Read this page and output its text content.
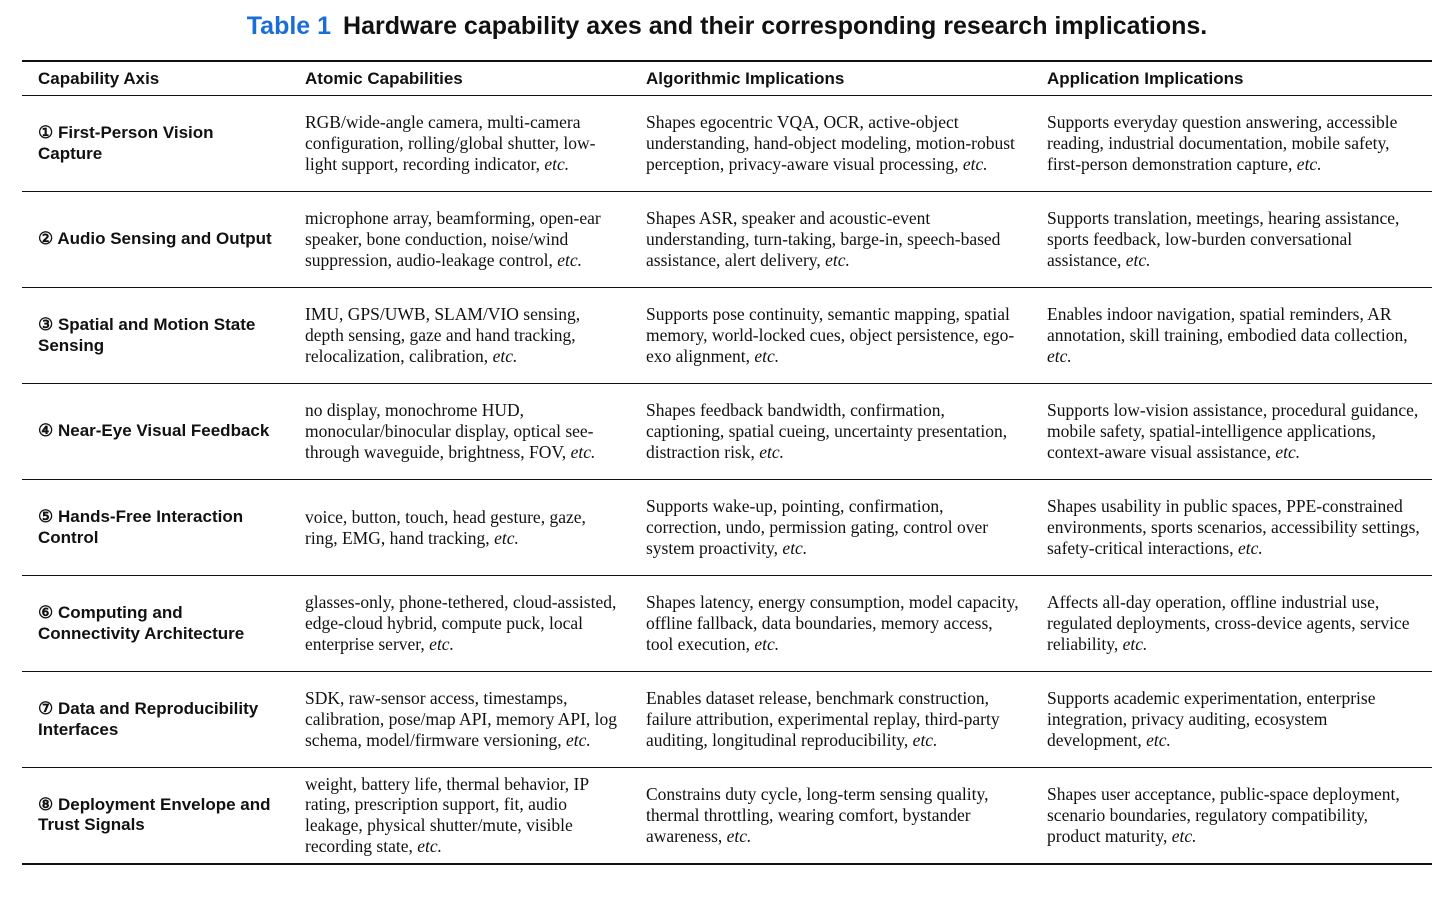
Table 1 Hardware capability axes and their corresponding research implications.
Capability Axis	Atomic Capabilities	Algorithmic Implications	Application Implications
① First-Person Vision Capture	RGB/wide-angle camera, multi-camera configuration, rolling/global shutter, low-light support, recording indicator, etc.	Shapes egocentric VQA, OCR, active-object understanding, hand-object modeling, motion-robust perception, privacy-aware visual processing, etc.	Supports everyday question answering, accessible reading, industrial documentation, mobile safety, first-person demonstration capture, etc.
② Audio Sensing and Output	microphone array, beamforming, open-ear speaker, bone conduction, noise/wind suppression, audio-leakage control, etc.	Shapes ASR, speaker and acoustic-event understanding, turn-taking, barge-in, speech-based assistance, alert delivery, etc.	Supports translation, meetings, hearing assistance, sports feedback, low-burden conversational assistance, etc.
③ Spatial and Motion State Sensing	IMU, GPS/UWB, SLAM/VIO sensing, depth sensing, gaze and hand tracking, relocalization, calibration, etc.	Supports pose continuity, semantic mapping, spatial memory, world-locked cues, object persistence, ego-exo alignment, etc.	Enables indoor navigation, spatial reminders, AR annotation, skill training, embodied data collection, etc.
④ Near-Eye Visual Feedback	no display, monochrome HUD, monocular/binocular display, optical see-through waveguide, brightness, FOV, etc.	Shapes feedback bandwidth, confirmation, captioning, spatial cueing, uncertainty presentation, distraction risk, etc.	Supports low-vision assistance, procedural guidance, mobile safety, spatial-intelligence applications, context-aware visual assistance, etc.
⑤ Hands-Free Interaction Control	voice, button, touch, head gesture, gaze, ring, EMG, hand tracking, etc.	Supports wake-up, pointing, confirmation, correction, undo, permission gating, control over system proactivity, etc.	Shapes usability in public spaces, PPE-constrained environments, sports scenarios, accessibility settings, safety-critical interactions, etc.
⑥ Computing and Connectivity Architecture	glasses-only, phone-tethered, cloud-assisted, edge-cloud hybrid, compute puck, local enterprise server, etc.	Shapes latency, energy consumption, model capacity, offline fallback, data boundaries, memory access, tool execution, etc.	Affects all-day operation, offline industrial use, regulated deployments, cross-device agents, service reliability, etc.
⑦ Data and Reproducibility Interfaces	SDK, raw-sensor access, timestamps, calibration, pose/map API, memory API, log schema, model/firmware versioning, etc.	Enables dataset release, benchmark construction, failure attribution, experimental replay, third-party auditing, longitudinal reproducibility, etc.	Supports academic experimentation, enterprise integration, privacy auditing, ecosystem development, etc.
⑧ Deployment Envelope and Trust Signals	weight, battery life, thermal behavior, IP rating, prescription support, fit, audio leakage, physical shutter/mute, visible recording state, etc.	Constrains duty cycle, long-term sensing quality, thermal throttling, wearing comfort, bystander awareness, etc.	Shapes user acceptance, public-space deployment, scenario boundaries, regulatory compatibility, product maturity, etc.
